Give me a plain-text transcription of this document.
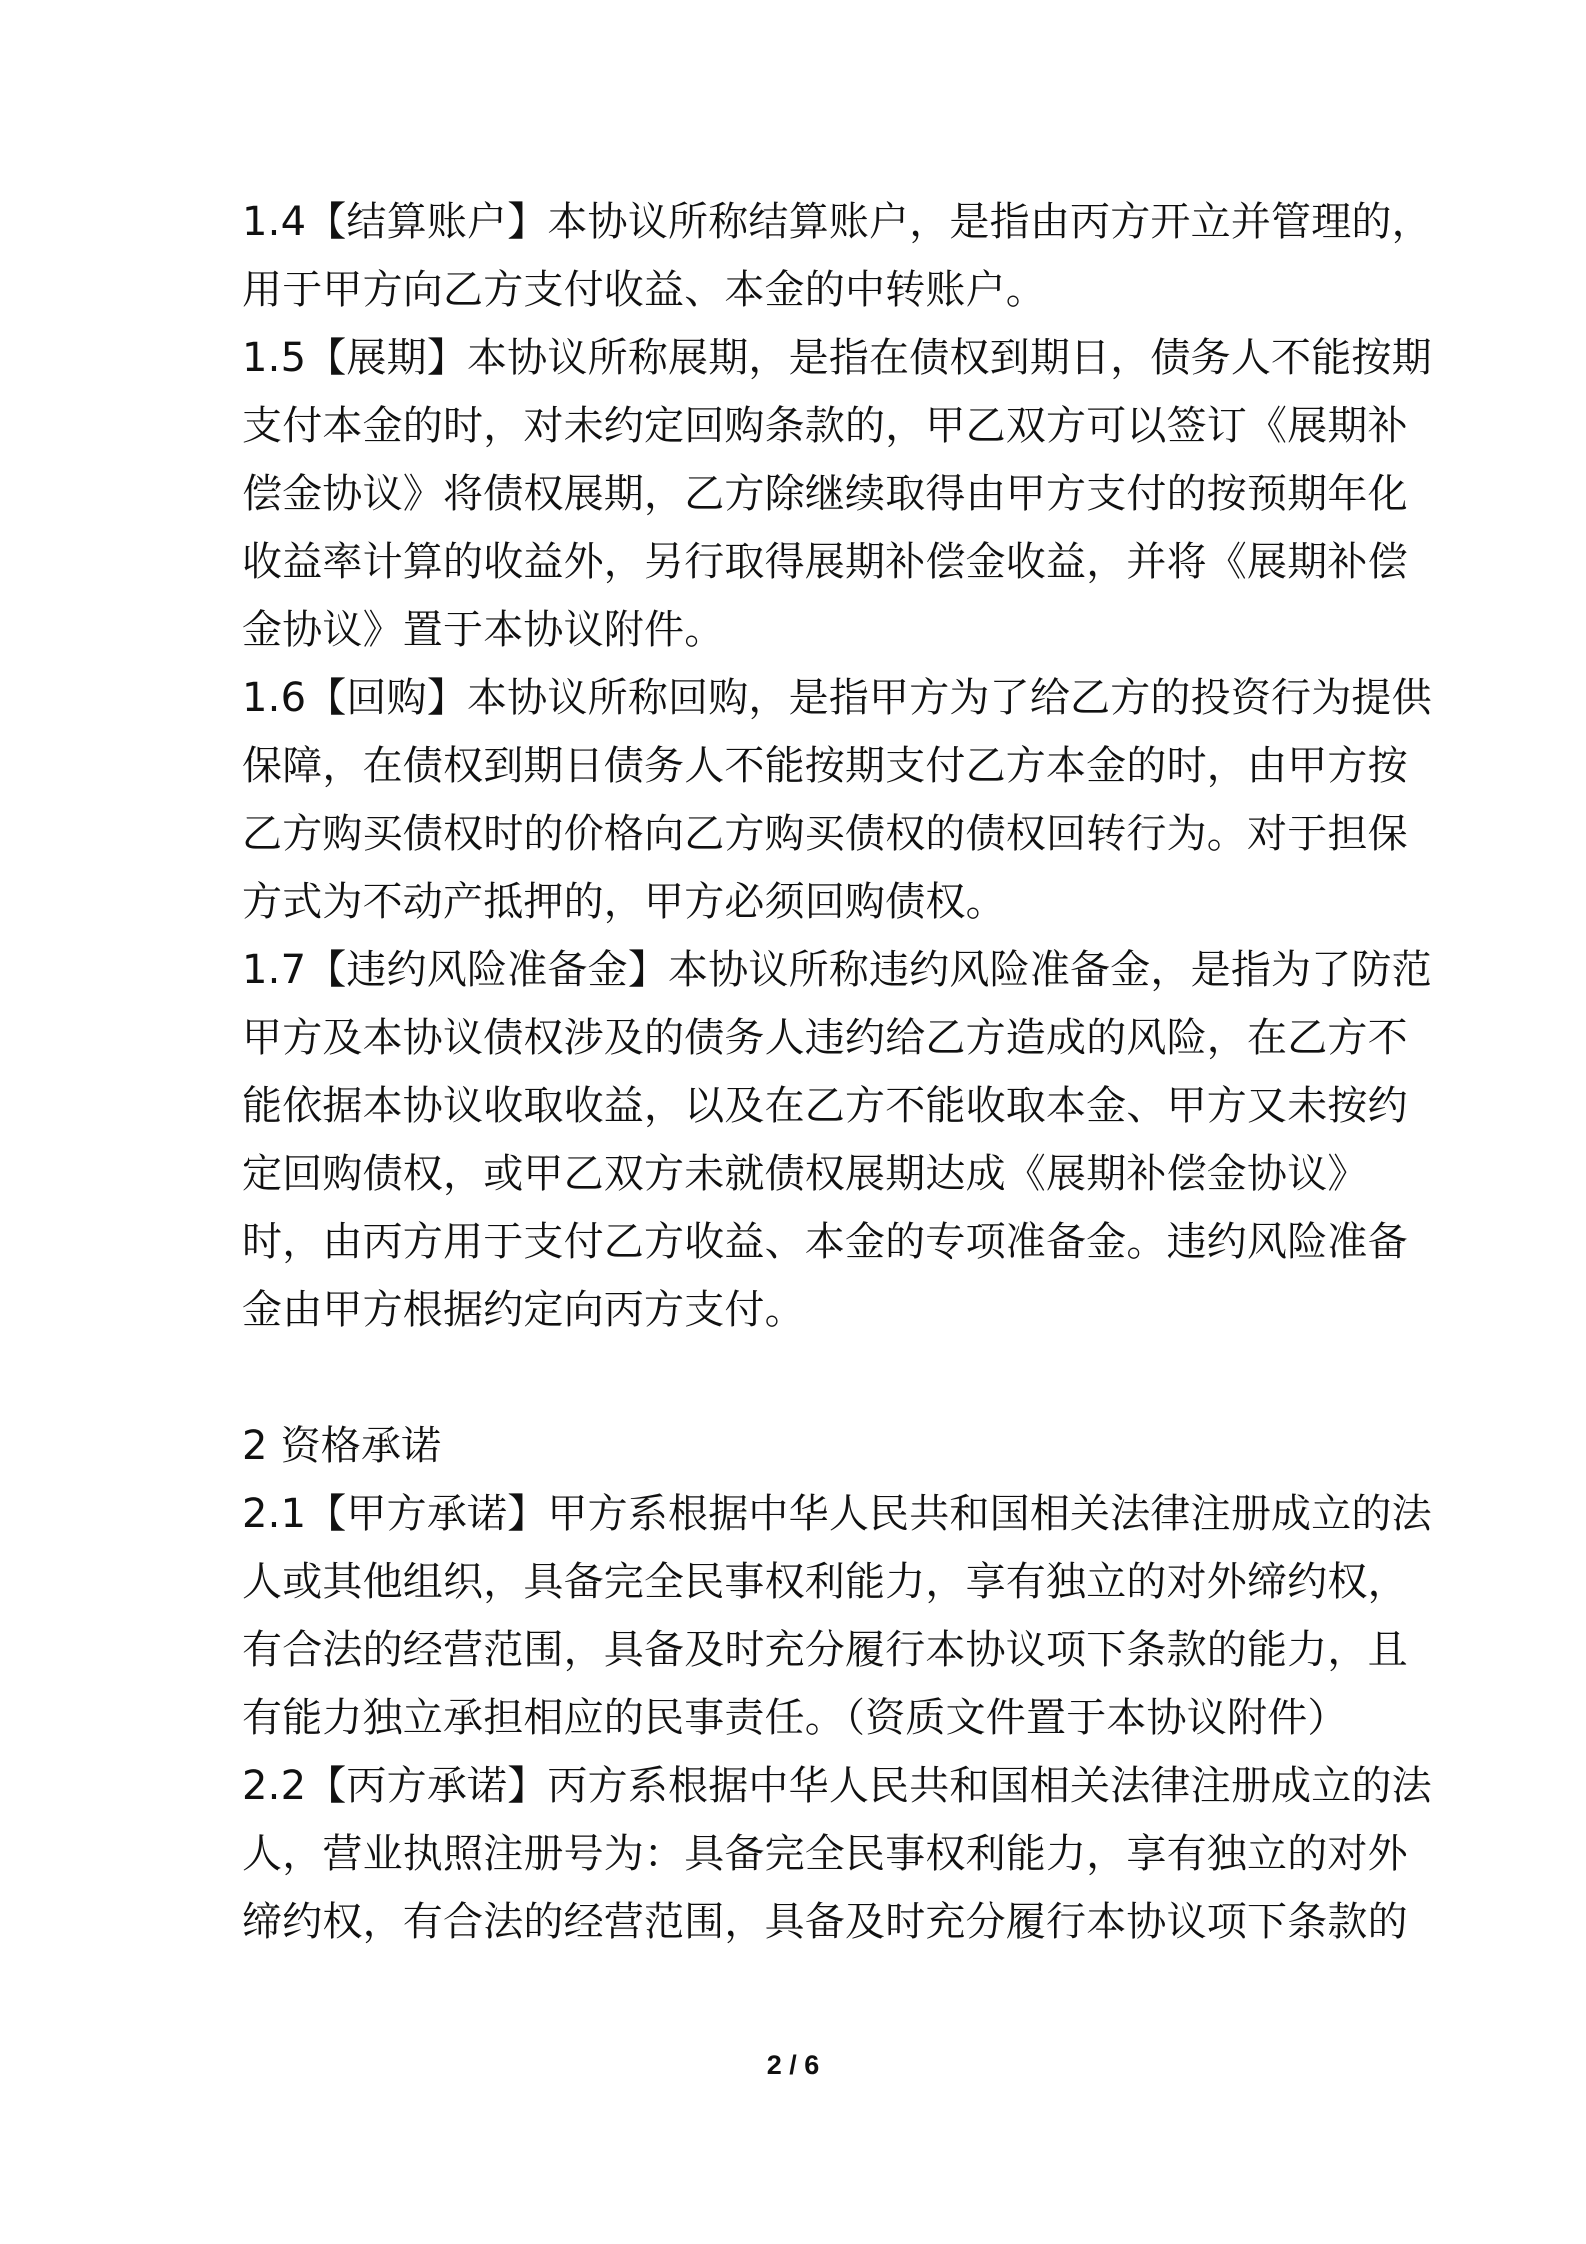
1.4【结算账户】本协议所称结算账户，是指由丙方开立并管理的，
用于甲方向乙方支付收益、本金的中转账户。
1.5【展期】本协议所称展期，是指在债权到期日，债务人不能按期
支付本金的时，对未约定回购条款的，甲乙双方可以签订《展期补
偿金协议》将债权展期，乙方除继续取得由甲方支付的按预期年化
收益率计算的收益外，另行取得展期补偿金收益，并将《展期补偿
金协议》置于本协议附件。
1.6【回购】本协议所称回购，是指甲方为了给乙方的投资行为提供
保障，在债权到期日债务人不能按期支付乙方本金的时，由甲方按
乙方购买债权时的价格向乙方购买债权的债权回转行为。对于担保
方式为不动产抵押的，甲方必须回购债权。
1.7【违约风险准备金】本协议所称违约风险准备金，是指为了防范
甲方及本协议债权涉及的债务人违约给乙方造成的风险，在乙方不
能依据本协议收取收益，以及在乙方不能收取本金、甲方又未按约
定回购债权，或甲乙双方未就债权展期达成《展期补偿金协议》
时，由丙方用于支付乙方收益、本金的专项准备金。违约风险准备
金由甲方根据约定向丙方支付。
2 资格承诺
2.1【甲方承诺】甲方系根据中华人民共和国相关法律注册成立的法
人或其他组织，具备完全民事权利能力，享有独立的对外缔约权，
有合法的经营范围，具备及时充分履行本协议项下条款的能力，且
有能力独立承担相应的民事责任。（资质文件置于本协议附件）
2.2【丙方承诺】丙方系根据中华人民共和国相关法律注册成立的法
人，营业执照注册号为：具备完全民事权利能力，享有独立的对外
缔约权，有合法的经营范围，具备及时充分履行本协议项下条款的
2 / 6
